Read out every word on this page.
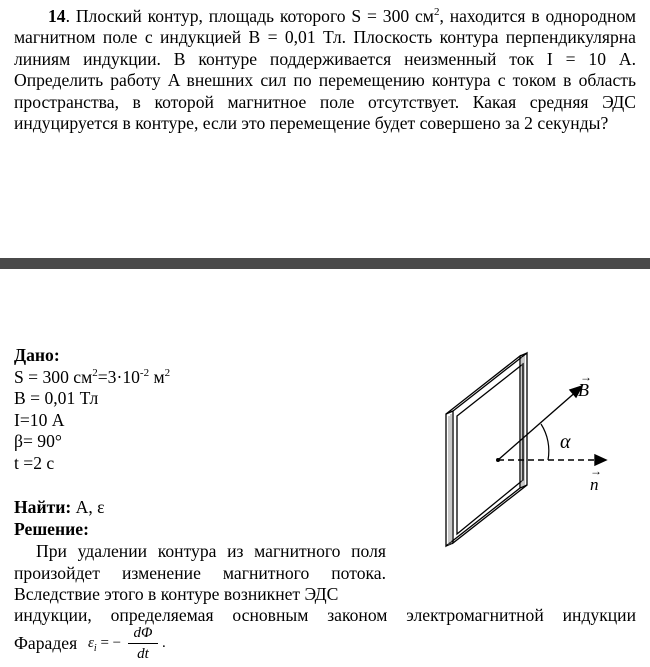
14. Плоский контур, площадь которого S = 300 $см^2$, находится в однородном магнитном поле с индукцией B = 0,01 Тл. Плоскость контура перпендикулярна линиям индукции. В контуре поддерживается неизменный ток I = 10 А. Определить работу A внешних сил по перемещению контура с током в область пространства, в которой магнитное поле отсутствует. Какая средняя ЭДС индуцируется в контуре, если это перемещение будет совершено за 2 секунды?
Дано:
S = 300 $см^2=3\cdot 10^{-2}$ $м^2$
B = 0,01 Тл
I=10 А
β= 90°
t =2 с
Найти: А, ε
Решение:
При удалении контура из магнитного поля произойдет изменение магнитного потока. Вследствие этого в контуре возникнет ЭДС
индукции, определяемая основным законом электромагнитной индукции
Фарадея $\varepsilon_i$ = −
dΦ
dt
.
B
→
α
n
→
